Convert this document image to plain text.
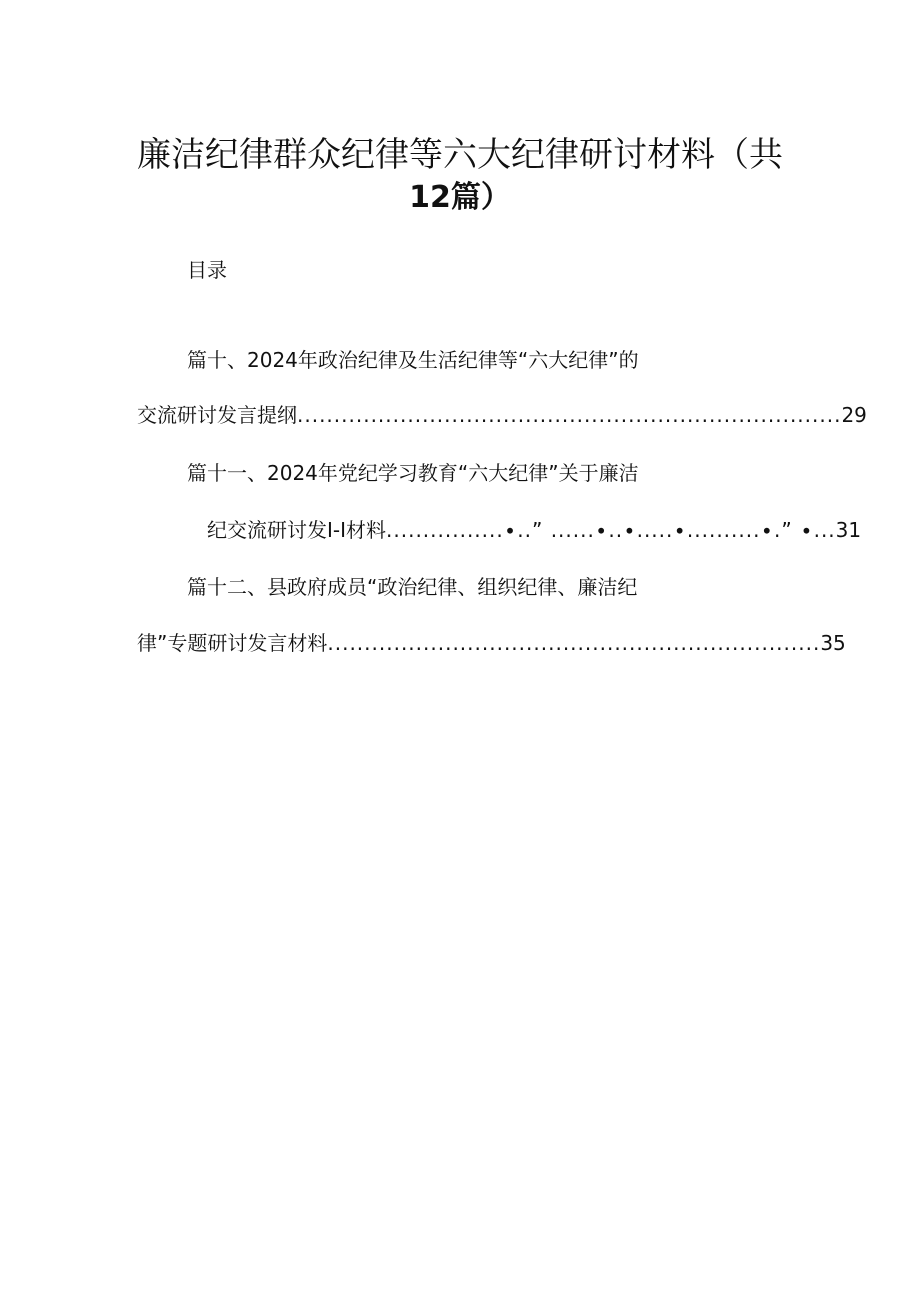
廉洁纪律群众纪律等六大纪律研讨材料（共
12篇）
目录
篇十、2024年政治纪律及生活纪律等“六大纪律”的
交流研讨发言提纲 .......................................................................... 29
篇十一、2024年党纪学习教育“六大纪律”关于廉洁
纪交流研讨发I-I材料 ................∙..” ......∙..∙.....∙..........∙.” ∙... 31
篇十二、县政府成员“政治纪律、组织纪律、廉洁纪
律”专题研讨发言材料 ................................................................... 35
